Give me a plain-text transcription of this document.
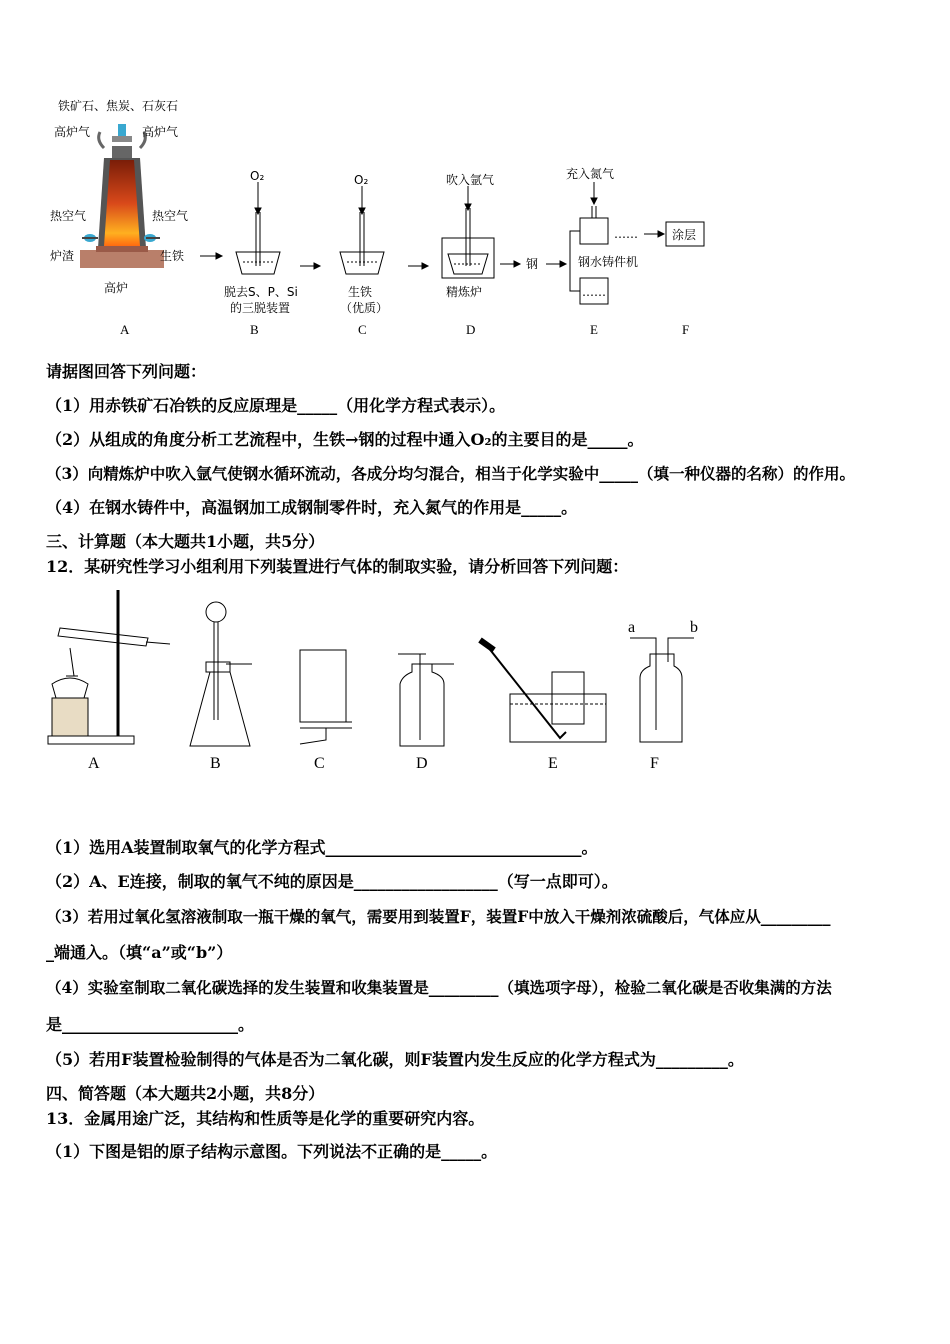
铁矿石、焦炭、石灰石
高炉气	高炉气
热空气	热空气
炉渣	生铁
高炉
O₂
脱去S、P、Si
的三脱装置
O₂
生铁
（优质）
吹入氩气
精炼炉
钢
充入氮气
……
……
钢水铸件机
涂层
A	B	C	D	E	F
请据图回答下列问题：
（1）用赤铁矿石冶铁的反应原理是_____（用化学方程式表示）。
（2）从组成的角度分析工艺流程中，生铁→钢的过程中通入O₂的主要目的是_____。
（3）向精炼炉中吹入氩气使钢水循环流动，各成分均匀混合，相当于化学实验中_____（填一种仪器的名称）的作用。
（4）在钢水铸件中，高温钢加工成钢制零件时，充入氮气的作用是_____。
三、计算题（本大题共1小题，共5分）
12．某研究性学习小组利用下列装置进行气体的制取实验，请分析回答下列问题：
a	b
A	B	C	D	E	F
（1）选用A装置制取氧气的化学方程式________________________________。
（2）A、E连接，制取的氧气不纯的原因是__________________（写一点即可）。
（3）若用过氧化氢溶液制取一瓶干燥的氧气，需要用到装置F，装置F中放入干燥剂浓硫酸后，气体应从_________
_端通入。（填“a”或“b”）
（4）实验室制取二氧化碳选择的发生装置和收集装置是_________（填选项字母），检验二氧化碳是否收集满的方法
是______________________。
（5）若用F装置检验制得的气体是否为二氧化碳，则F装置内发生反应的化学方程式为_________。
四、简答题（本大题共2小题，共8分）
13．金属用途广泛，其结构和性质等是化学的重要研究内容。
（1）下图是铝的原子结构示意图。下列说法不正确的是_____。
